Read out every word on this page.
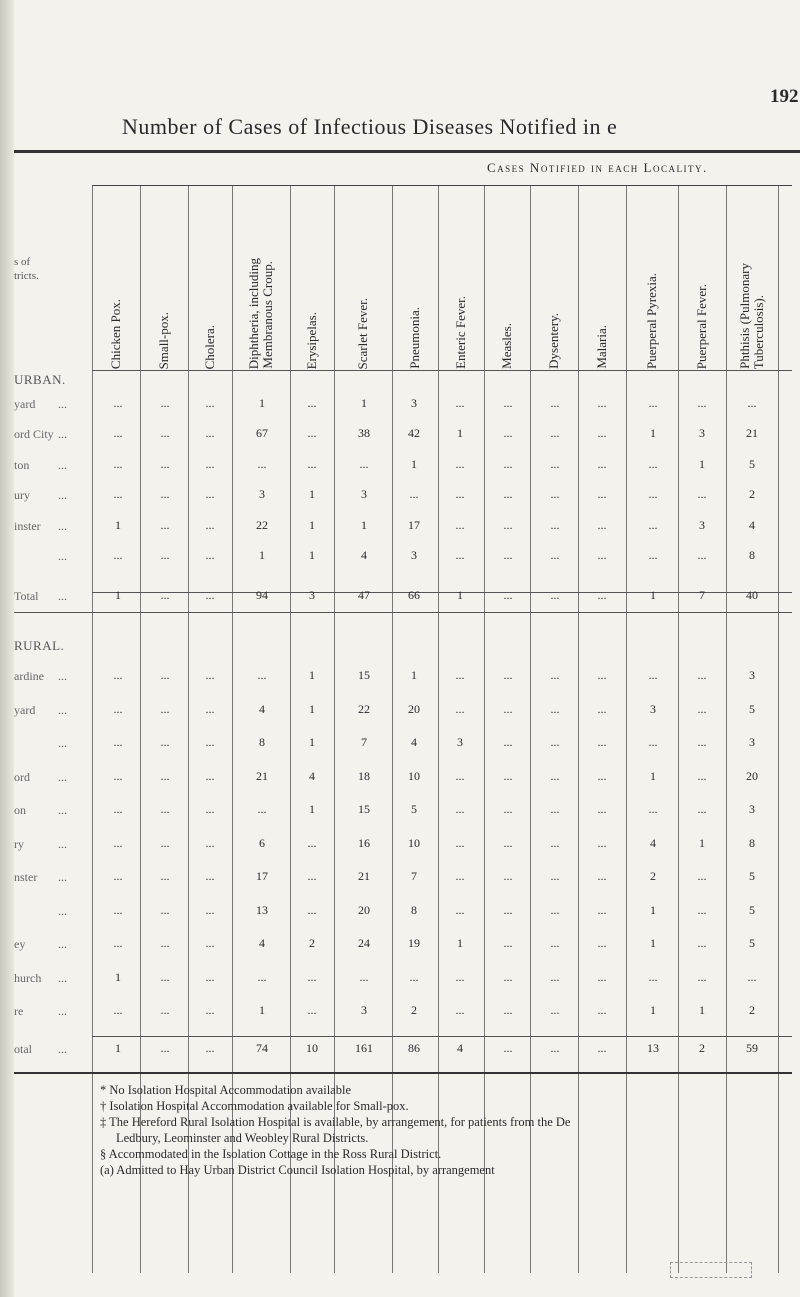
192
Number of Cases of Infectious Diseases Notified in e
Cases Notified in each Locality.
s of
tricts.
Chicken Pox.	Small-pox. Cholera. Diphtheria, including Membranous Croup. Erysipelas.	Scarlet Fever.	Pneumonia. Enteric Fever. Measles. Dysentery.	Malaria.	Puerperal Pyrexia.	Puerperal Fever. Phthisis (Pulmonary Tuberculosis).
URBAN.
yard ...	...	...	...	1	...	1	3	...	...	...	...	...	...	...
ord City ...	...	...	...	67	...	38	42	1	...	...	...	1	3	21
ton ...	...	...	...	...	...	...	1	...	...	...	...	...	1	5
ury ...	...	...	...	3	1	3	...	...	...	...	...	...	...	2
inster ...	1	...	...	22	1	1	17	...	...	...	...	...	3	4
...	...	...	...	1	1	4	3	...	...	...	...	...	...	8
Total ...	1	...	...	94	3	47	66	1	...	...	...	1	7	40
RURAL.
ardine ...	...	...	...	...	1	15	1	...	...	...	...	...	...	3
yard ...	...	...	...	4	1	22	20	...	...	...	...	3	...	5
...	...	...	...	8	1	7	4	3	...	...	...	...	...	3
ord ...	...	...	...	21	4	18	10	...	...	...	...	1	...	20
on	...	...	...	...	...	1	15	5	...	...	...	...	...	...	3
ry	...	...	...	...	6	...	16	10	...	...	...	...	4	1	8
nster ...	...	...	...	17	...	21	7	...	...	...	...	2	...	5
...	...	...	...	13	...	20	8	...	...	...	...	1	...	5
ey	...	...	...	...	4	2	24	19	1	...	...	...	1	...	5
hurch ...	1	...	...	...	...	...	...	...	...	...	...	...	...	...
re	...	...	...	...	1	...	3	2	...	...	...	...	1	1	2
otal ...	1	...	...	74	10	161	86	4	...	...	...	13	2	59
* No Isolation Hospital Accommodation available
† Isolation Hospital Accommodation available for Small-pox.
‡ The Hereford Rural Isolation Hospital is available, by arrangement, for patients from the De
Ledbury, Leominster and Weobley Rural Districts.
§ Accommodated in the Isolation Cottage in the Ross Rural District.
(a) Admitted to Hay Urban District Council Isolation Hospital, by arrangement
